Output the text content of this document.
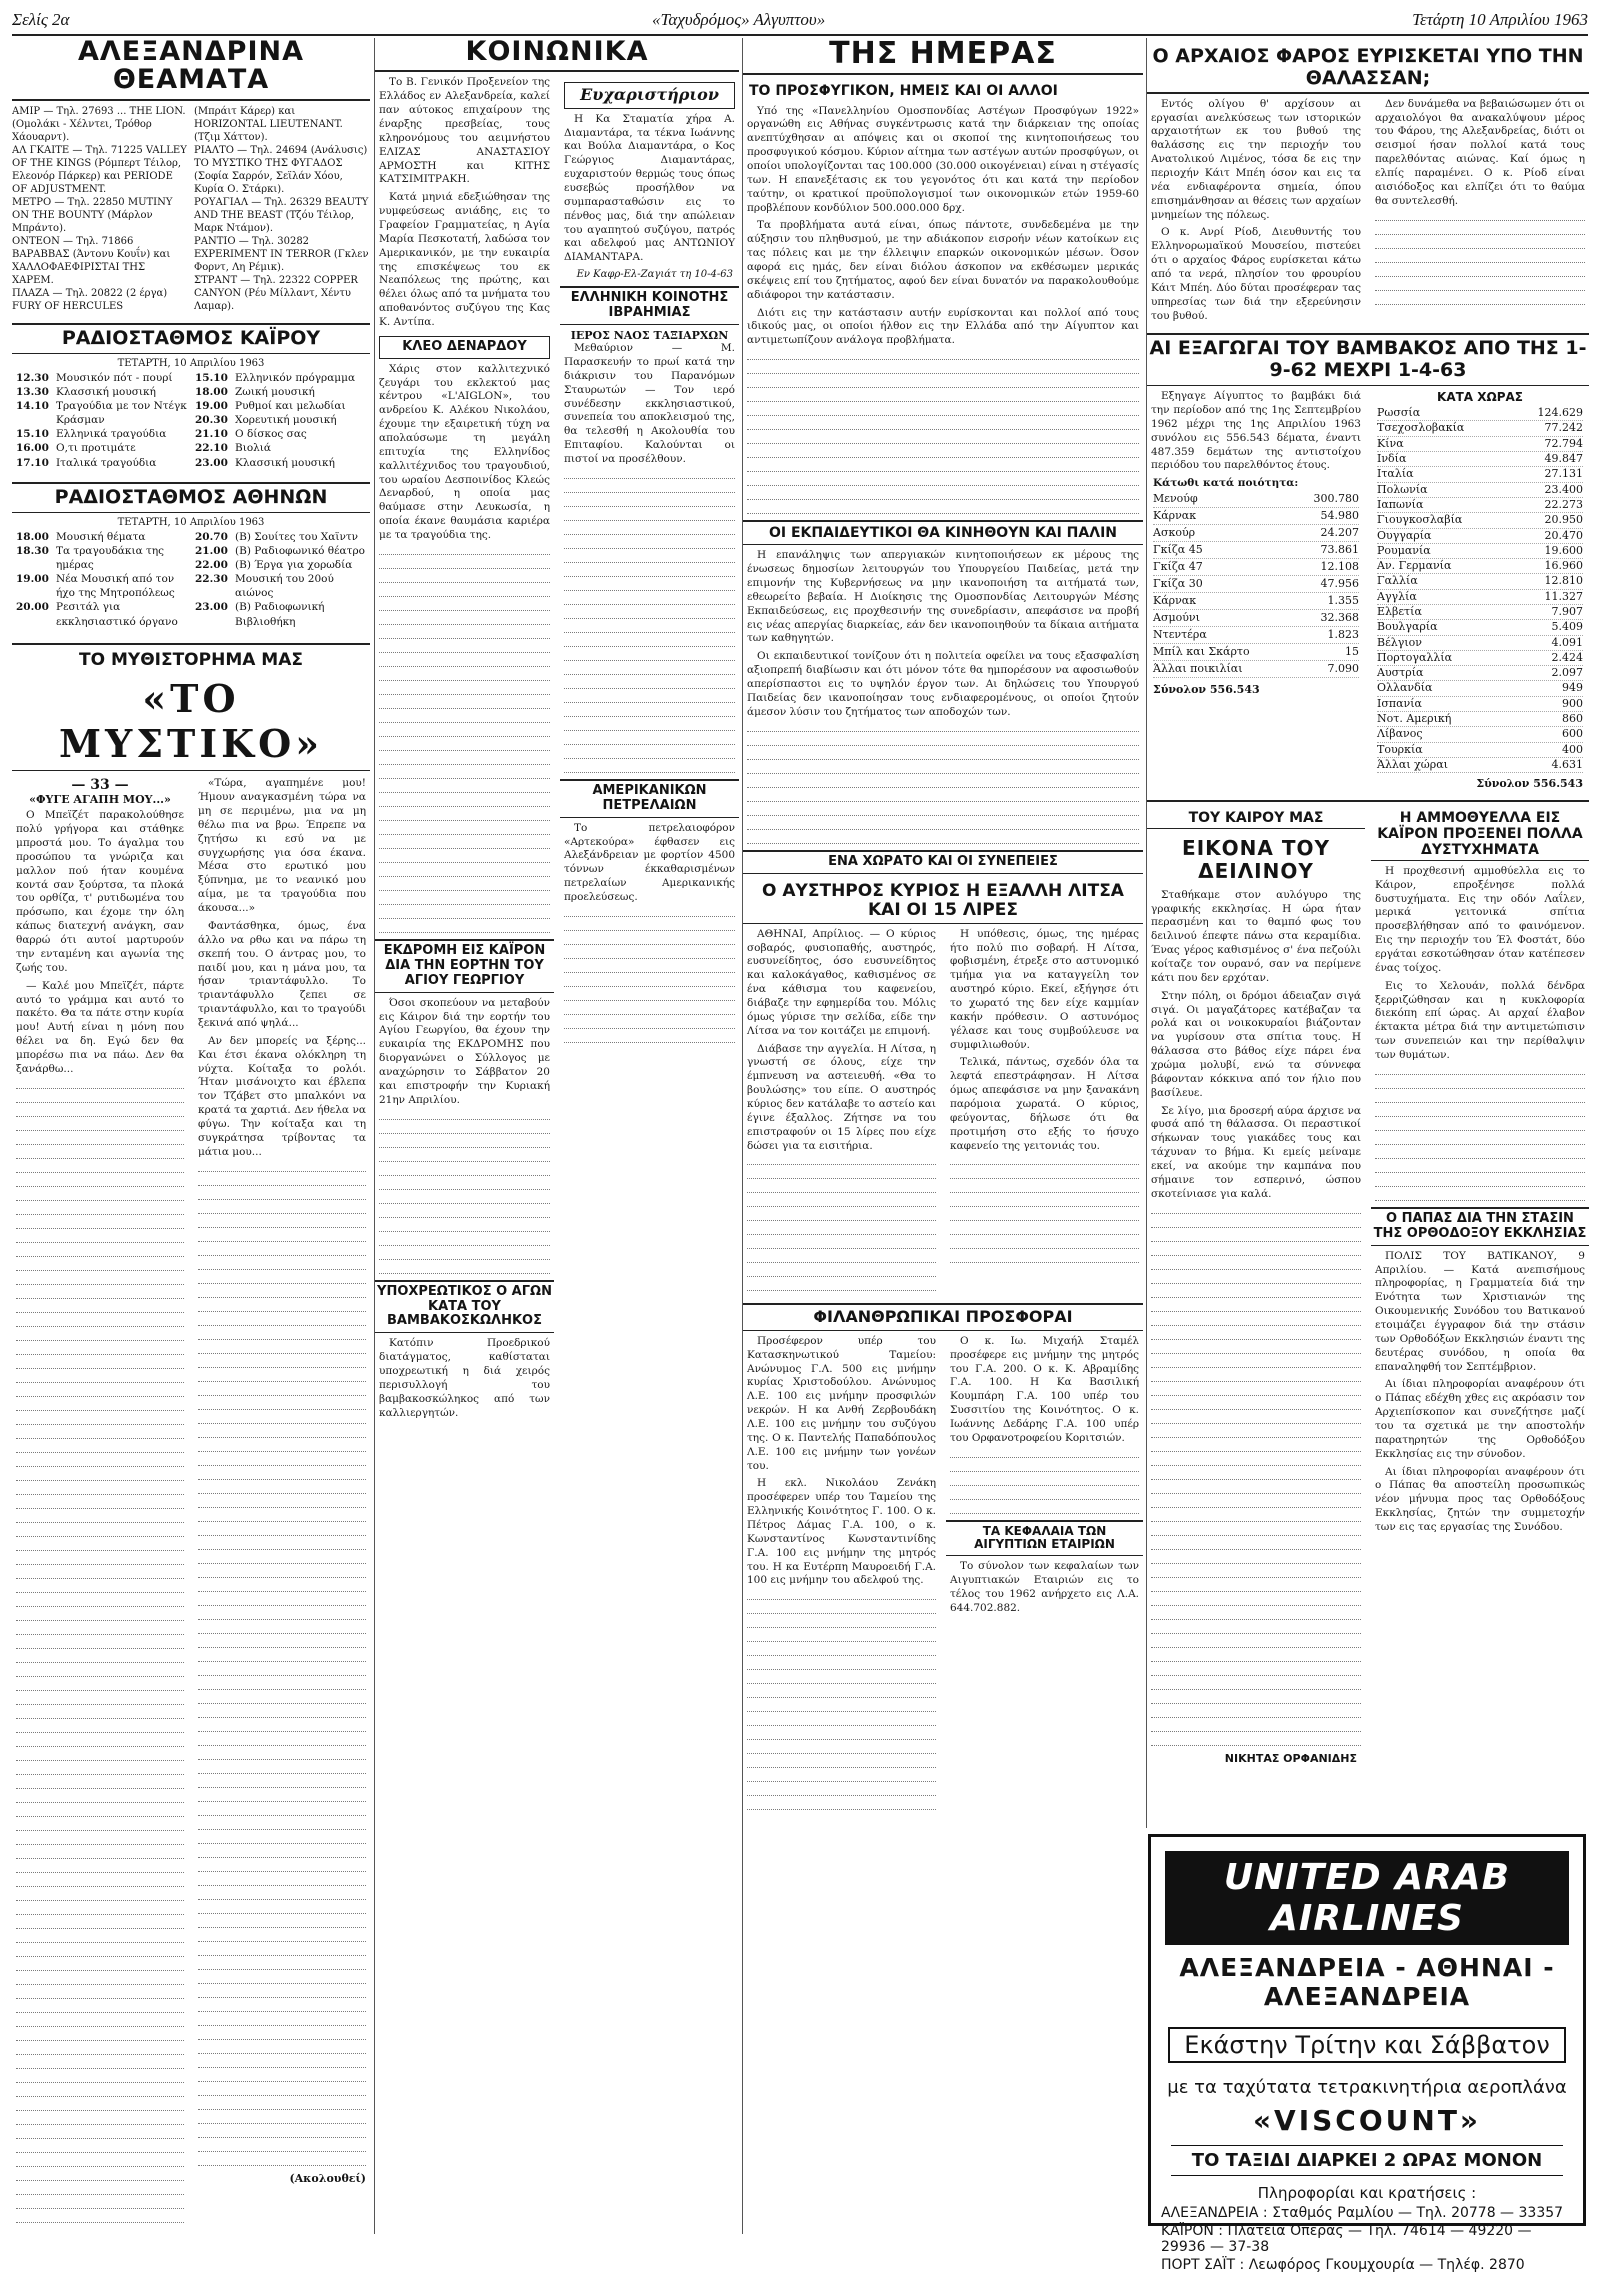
Σελίς 2α	«Ταχυδρόμος» Αλγυπτου»	Τετάρτη 10 Απριλίου 1963
ΑΛΕΞΑΝΔΡΙΝΑ ΘΕΑΜΑΤΑ
ΑΜΙΡ — Τηλ. 27693 ... THE LION. (Ομολάκι - Χέλντει, Τρόθορ Χάουαρντ).
ΑΛ ΓΚΑΙΤΕ — Τηλ. 71225 VALLEY OF THE KINGS (Ρόμπερτ Τέιλορ, Ελεονόρ Πάρκερ) και PERIODE OF ADJUSTMENT.
ΜΕΤΡΟ — Τηλ. 22850 MUTINY ON THE BOUNTY (Μάρλον Μπράντο).
ΟΝΤΕΟΝ — Τηλ. 71866 ΒΑΡΑΒΒΑΣ (Άντονυ Κουΐν) και ΧΑΛΛΟΦΑΕΦΙΡΙΣΤΑΙ ΤΗΣ ΧΑΡΕΜ.
ΠΛΑΖΑ — Τηλ. 20822 (2 έργα) FURY OF HERCULES
(Μπράιτ Κάρερ) και HORIZONTAL LIEUTENANT. (Τζιμ Χάττον).
ΡΙΑΛΤΟ — Τηλ. 24694 (Ανάλυσις) ΤΟ ΜΥΣΤΙΚΟ ΤΗΣ ΦΥΓΑΔΟΣ (Σοφία Σαρρόν, Σεϊλάν Χόου, Κυρία Ο. Στάρκι).
ΡΟΥΑΓΙΑΛ — Τηλ. 26329 BEAUTY AND THE BEAST (Τζόυ Τέιλορ, Μαρκ Ντάμον).
ΡΑΝΤΙΟ — Τηλ. 30282 EXPERIMENT IN TERROR (Γκλεν Φορντ, Λη Ρέμικ).
ΣΤΡΑΝΤ — Τηλ. 22322 COPPER CANYON (Ρέυ Μίλλαντ, Χέντυ Λαμαρ).
ΡΑΔΙΟΣΤΑΘΜΟΣ ΚΑΪΡΟΥ
ΤΕΤΑΡΤΗ, 10 Απριλίου 1963
12.30 Μουσικόν πότ - πουρί
13.30 Κλασσική μουσική
14.10 Τραγούδια με τον Ντέγκ Κράσμαν
15.10 Ελληνικά τραγούδια
16.00 Ο,τι προτιμάτε
17.10 Ιταλικά τραγούδια
15.10 Ελληνικόν πρόγραμμα
18.00 Ζωική μουσική
19.00 Ρυθμοί και μελωδίαι
20.30 Χορευτική μουσική
21.10 Ο δίσκος σας
22.10 Βιολιά
23.00 Κλασσική μουσική
ΡΑΔΙΟΣΤΑΘΜΟΣ ΑΘΗΝΩΝ
ΤΕΤΑΡΤΗ, 10 Απριλίου 1963
18.00 Μουσική θέματα
18.30 Τα τραγουδάκια της ημέρας
19.00 Νέα Μουσική από τον ήχο της Μητροπόλεως
20.00 Ρεσιτάλ για εκκλησιαστικό όργανο
20.70 (Β) Σουίτες του Χαϊντν
21.00 (Β) Ραδιοφωνικό θέατρο
22.00 (Β) Έργα για χορωδία
22.30 Μουσική του 20ού αιώνος
23.00 (Β) Ραδιοφωνική Βιβλιοθήκη
ΤΟ ΜΥΘΙΣΤΟΡΗΜΑ ΜΑΣ
«ΤΟ ΜΥΣΤΙΚΟ»
— 33 —
«ΦΥΓΕ ΑΓΑΠΗ ΜΟΥ...»

Ο Μπεϊζέτ παρακολούθησε πολύ γρήγορα και στάθηκε μπροστά μου. Το άγαλμα του προσώπου τα γνώριζα και μαλλον πού ήταν κουμένα κοντά σαν ξούρτσα, τα πλοκά του ορθίζα, τ' ρυτιδωμένα του πρόσωπο, και έχομε την όλη κάπως διατεχνή ανάγκη, σαν θαρρώ ότι αυτοί μαρτυρούν την ενταμένη και αγωνία της ζωής του.

— Καλέ μου Μπεϊζέτ, πάρτε αυτό το γράμμα και αυτό το πακέτο. Θα τα πάτε στην κυρία μου! Αυτή είναι η μόνη που θέλει να δη. Εγώ δεν θα μπορέσω πια να πάω. Δεν θα ξανάρθω...

«Τώρα, αγαπημένε μου! Ήμουν αναγκασμένη τώρα να μη σε περιμένω, μια να μη θέλω πια να βρω. Έπρεπε να ζητήσω κι εσύ να με συγχωρήσης για όσα έκανα. Μέσα στο ερωτικό μου ξύπνημα, με το νεανικό μου αίμα, με τα τραγούδια που άκουσα...»

Φαντάσθηκα, όμως, ένα άλλο να ρθω και να πάρω τη σκεπή του. Ο άντρας μου, το παιδί μου, και η μάνα μου, τα ήσαν τριαντάφυλλο. Το τριαντάφυλλο ζεπει σε τριαντάφυλλο, και το τραγούδι ξεκινά από ψηλά...

Αν δεν μπορείς να ξέρης... Και έτσι έκανα ολόκληρη τη νύχτα. Κοίταξα το ρολόι. Ήταν μισάνοιχτο και έβλεπα τον Τζάβετ στο μπαλκόνι να κρατά τα χαρτιά. Δεν ήθελα να φύγω. Την κοίταξα και τη συγκράτησα τρίβοντας τα μάτια μου...

(Ακολουθεί)
ΚΟΙΝΩΝΙΚΑ

Το Β. Γενικόν Προξενείον της Ελλάδος εν Αλεξανδρεία, καλεί παν αύτοκος επιχαίρουν της έναρξης πρεσβείας, τους κληρονόμους του αειμνήστου ΕΛΙΖΑΣ ΑΝΑΣΤΑΣΙΟΥ ΑΡΜΟΣΤΗ και ΚΙΤΗΣ ΚΑΤΣΙΜΙΤΡΑΚΗ.

Κατά μηνιά εδεξιώθησαν της νυμφεύσεως ανιάδης, εις το Γραφείον Γραμματείας, η Αγία Μαρία Πεσκοτατή, λαδώσα τον Αμερικανικόν, με την ευκαιρία της επισκέψεως του εκ Νεαπόλεως της πρώτης, και θέλει όλως από τα μνήματα του αποθανόντος συζύγου της Κας Κ. Αντίπα.

ΚΛΕΟ ΔΕΝΑΡΔΟΥ

Χάρις στον καλλιτεχνικό ζευγάρι του εκλεκτού μας κέντρου «L'AIGLON», του ανδρείου Κ. Αλέκου Νικολάου, έχουμε την εξαιρετική τύχη να απολαύσωμε τη μεγάλη επιτυχία της Ελληνίδος καλλιτέχνιδος του τραγουδιού, του ωραίου Δεσποινίδος Κλεώς Δεναρδού, η οποία μας θαύμασε στην Λευκωσία, η οποία έκανε θαυμάσια καριέρα με τα τραγούδια της.

ΕΚΔΡΟΜΗ ΕΙΣ ΚΑΪΡΟΝ ΔΙΑ ΤΗΝ ΕΟΡΤΗΝ ΤΟΥ ΑΓΙΟΥ ΓΕΩΡΓΙΟΥ

Όσοι σκοπεύουν να μεταβούν εις Κάιρον διά την εορτήν του Αγίου Γεωργίου, θα έχουν την ευκαιρία της ΕΚΔΡΟΜΗΣ που διοργανώνει ο Σύλλογος με αναχώρησιν το Σάββατον 20 και επιστροφήν την Κυριακή 21ην Απριλίου.

ΥΠΟΧΡΕΩΤΙΚΟΣ Ο ΑΓΩΝ ΚΑΤΑ ΤΟΥ ΒΑΜΒΑΚΟΣΚΩΛΗΚΟΣ

Κατόπιν Προεδρικού διατάγματος, καθίσταται υποχρεωτική η διά χειρός περισυλλογή του βαμβακοσκώληκος από των καλλιεργητών.

Ευχαριστήριον

Η Κα Σταματία χήρα Α. Διαμαντάρα, τα τέκνα Ιωάννης και Βούλα Διαμαντάρα, ο Κος Γεώργιος Διαμαντάρας, ευχαριστούν θερμώς τους όπως ευσεβώς προσήλθον να συμπαρασταθώσιν εις το πένθος μας, διά την απώλειαν του αγαπητού συζύγου, πατρός και αδελφού μας ΑΝΤΩΝΙΟΥ ΔΙΑΜΑΝΤΑΡΑ.

Εν Καφρ-Ελ-Ζαγιάτ τη 10-4-63
ΕΛΛΗΝΙΚΗ ΚΟΙΝΟΤΗΣ ΙΒΡΑΗΜΙΑΣ
ΙΕΡΟΣ ΝΑΟΣ ΤΑΞΙΑΡΧΩΝ

Μεθαύριον — Μ. Παρασκευήν το πρωί κατά την διάκρισιν του Παρανόμων Σταυρωτών — Τον ιερό συνέδεσην εκκλησιαστικού, συνεπεία του αποκλεισμού της, θα τελεσθή η Ακολουθία του Επιταφίου. Καλούνται οι πιστοί να προσέλθουν.

ΑΜΕΡΙΚΑΝΙΚΩΝ ΠΕΤΡΕΛΑΙΩΝ

Το πετρελαιοφόρον «Αρτεκούρα» έφθασεν εις Αλεξάνδρειαν με φορτίον 4500 τόννων έκκαθαρισμένων πετρελαίων Αμερικανικής προελεύσεως.

ΤΗΣ ΗΜΕΡΑΣ
ΤΟ ΠΡΟΣΦΥΓΙΚΟΝ, ΗΜΕΙΣ ΚΑΙ ΟΙ ΑΛΛΟΙ

Υπό της «Πανελληνίου Ομοσπονδίας Αστέγων Προσφύγων 1922» οργανώθη εις Αθήνας συγκέντρωσις κατά την διάρκειαν της οποίας ανεπτύχθησαν αι απόψεις και οι σκοποί της κινητοποιήσεως του προσφυγικού κόσμου. Κύριον αίτημα των αστέγων αυτών προσφύγων, οι οποίοι υπολογίζονται τας 100.000 (30.000 οικογένειαι) είναι η στέγασίς των. Η επανεξέτασις εκ του γεγονότος ότι και κατά την περίοδον ταύτην, οι κρατικοί προϋπολογισμοί των οικονομικών ετών 1959-60 προβλέπουν κονδύλιον 500.000.000 δρχ.

Τα προβλήματα αυτά είναι, όπως πάντοτε, συνδεδεμένα με την αύξησιν του πληθυσμού, με την αδιάκοπον εισροήν νέων κατοίκων εις τας πόλεις και με την έλλειψιν επαρκών οικονομικών μέσων. Όσον αφορά εις ημάς, δεν είναι διόλου άσκοπον να εκθέσωμεν μερικάς σκέψεις επί του ζητήματος, αφού δεν είναι δυνατόν να παρακολουθούμε αδιάφοροι την κατάστασιν.

Διότι εις την κατάστασιν αυτήν ευρίσκονται και πολλοί από τους ιδικούς μας, οι οποίοι ήλθον εις την Ελλάδα από την Αίγυπτον και αντιμετωπίζουν ανάλογα προβλήματα.

ΟΙ ΕΚΠΑΙΔΕΥΤΙΚΟΙ ΘΑ ΚΙΝΗΘΟΥΝ ΚΑΙ ΠΑΛΙΝ

Η επανάληψις των απεργιακών κινητοποιήσεων εκ μέρους της ένωσεως δημοσίων λειτουργών του Υπουργείου Παιδείας, μετά την επιμονήν της Κυβερνήσεως να μην ικανοποιήση τα αιτήματά των, εθεωρείτο βεβαία. Η Διοίκησις της Ομοσπονδίας Λειτουργών Μέσης Εκπαιδεύσεως, εις προχθεσινήν της συνεδρίασιν, απεφάσισε να προβή εις νέας απεργίας διαρκείας, εάν δεν ικανοποιηθούν τα δίκαια αιτήματα των καθηγητών.

Οι εκπαιδευτικοί τονίζουν ότι η πολιτεία οφείλει να τους εξασφαλίση αξιοπρεπή διαβίωσιν και ότι μόνον τότε θα ημπορέσουν να αφοσιωθούν απερίσπαστοι εις το υψηλόν έργον των. Αι δηλώσεις του Υπουργού Παιδείας δεν ικανοποίησαν τους ενδιαφερομένους, οι οποίοι ζητούν άμεσον λύσιν του ζητήματος των αποδοχών των.

ΕΝΑ ΧΩΡΑΤΟ ΚΑΙ ΟΙ ΣΥΝΕΠΕΙΕΣ
Ο ΑΥΣΤΗΡΟΣ ΚΥΡΙΟΣ Η ΕΞΑΛΛΗ ΛΙΤΣΑ ΚΑΙ ΟΙ 15 ΛΙΡΕΣ

ΑΘΗΝΑΙ, Απρίλιος. — Ο κύριος σοβαρός, φυσιοπαθής, αυστηρός, ευσυνείδητος, όσο ευσυνείδητος και καλοκάγαθος, καθισμένος σε ένα κάθισμα του καφενείου, διάβαζε την εφημερίδα του. Μόλις όμως γύρισε την σελίδα, είδε την Λίτσα να τον κοιτάζει με επιμονή.

Διάβασε την αγγελία. Η Λίτσα, η γνωστή σε όλους, είχε την έμπνευση να αστειευθή. «Θα το βουλώσης» του είπε. Ο αυστηρός κύριος δεν κατάλαβε το αστείο και έγινε έξαλλος. Ζήτησε να του επιστραφούν οι 15 λίρες που είχε δώσει για τα εισιτήρια.

Η υπόθεσις, όμως, της ημέρας ήτο πολύ πιο σοβαρή. Η Λίτσα, φοβισμένη, έτρεξε στο αστυνομικό τμήμα για να καταγγείλη τον αυστηρό κύριο. Εκεί, εξήγησε ότι το χωρατό της δεν είχε καμμίαν κακήν πρόθεσιν. Ο αστυνόμος γέλασε και τους συμβούλευσε να συμφιλιωθούν.

Τελικά, πάντως, σχεδόν όλα τα λεφτά επεστράφησαν. Η Λίτσα όμως απεφάσισε να μην ξανακάνη παρόμοια χωρατά. Ο κύριος, φεύγοντας, δήλωσε ότι θα προτιμήση στο εξής το ήσυχο καφενείο της γειτονιάς του.

ΦΙΛΑΝΘΡΩΠΙΚΑΙ ΠΡΟΣΦΟΡΑΙ

Προσέφερον υπέρ του Κατασκηνωτικού Ταμείου: Ανώνυμος Γ.Λ. 500 εις μνήμην κυρίας Χριστοδούλου. Ανώνυμος Λ.Ε. 100 εις μνήμην προσφιλών νεκρών. Η κα Ανθή Ζερβουδάκη Λ.Ε. 100 εις μνήμην του συζύγου της. Ο κ. Παντελής Παπαδόπουλος Λ.Ε. 100 εις μνήμην των γονέων του.

Η εκλ. Νικολάου Ζενάκη προσέφερεν υπέρ του Ταμείου της Ελληνικής Κοινότητος Γ. 100. Ο κ. Πέτρος Δάμας Γ.Α. 100, ο κ. Κωνσταντίνος Κωνσταντινίδης Γ.Α. 100 εις μνήμην της μητρός του. Η κα Ευτέρπη Μαυροειδή Γ.Α. 100 εις μνήμην του αδελφού της.

Ο κ. Ιω. Μιχαήλ Σταμέλ προσέφερε εις μνήμην της μητρός του Γ.Α. 200. Ο κ. Κ. Αβραμίδης Γ.Α. 100. Η Κα Βασιλική Κουμπάρη Γ.Α. 100 υπέρ του Συσσιτίου της Κοινότητος. Ο κ. Ιωάννης Δεδάρης Γ.Α. 100 υπέρ του Ορφανοτροφείου Κοριτσιών.

ΤΑ ΚΕΦΑΛΑΙΑ ΤΩΝ ΑΙΓΥΠΤΙΩΝ ΕΤΑΙΡΙΩΝ

Το σύνολον των κεφαλαίων των Αιγυπτιακών Εταιριών εις το τέλος του 1962 ανήρχετο εις Λ.Α. 644.702.882.

Ο ΑΡΧΑΙΟΣ ΦΑΡΟΣ ΕΥΡΙΣΚΕΤΑΙ ΥΠΟ ΤΗΝ ΘΑΛΑΣΣΑΝ;

Εντός ολίγου θ' αρχίσουν αι εργασίαι ανελκύσεως των ιστορικών αρχαιοτήτων εκ του βυθού της θαλάσσης εις την περιοχήν του Ανατολικού Λιμένος, τόσα δε εις την περιοχήν Κάιτ Μπέη όσον και εις τα νέα ενδιαφέροντα σημεία, όπου επισημάνθησαν αι θέσεις των αρχαίων μνημείων της πόλεως.

Ο κ. Ανρί Ρίοδ, Διευθυντής του Ελληνορωμαϊκού Μουσείου, πιστεύει ότι ο αρχαίος Φάρος ευρίσκεται κάτω από τα νερά, πλησίον του φρουρίου Κάιτ Μπέη. Δύο δύται προσέφεραν τας υπηρεσίας των διά την εξερεύνησιν του βυθού.

Δεν δυνάμεθα να βεβαιώσωμεν ότι οι αρχαιολόγοι θα ανακαλύψουν μέρος του Φάρου, της Αλεξανδρείας, διότι οι σεισμοί ήσαν πολλοί κατά τους παρελθόντας αιώνας. Καί όμως η ελπίς παραμένει. Ο κ. Ρίοδ είναι αισιόδοξος και ελπίζει ότι το θαύμα θα συντελεσθή.

ΑΙ ΕΞΑΓΩΓΑΙ ΤΟΥ ΒΑΜΒΑΚΟΣ ΑΠΟ ΤΗΣ 1-9-62 ΜΕΧΡΙ 1-4-63

Εξηγαγε Αίγυπτος το βαμβάκι διά την περίοδον από της 1ης Σεπτεμβρίου 1962 μέχρι της 1ης Απριλίου 1963 συνόλου εις 556.543 δέματα, έναντι 487.359 δεμάτων της αντιστοίχου περιόδου του παρελθόντος έτους.

Κάτωθι κατά ποιότητα:
Μενούφ	300.780
Κάρνακ	54.980
Ασκούρ	24.207
Γκίζα 45	73.861
Γκίζα 47	12.108
Γκίζα 30	47.956
Κάρνακ	1.355
Ασμούνι	32.368
Ντεντέρα	1.823
Μπίλ και Σκάρτο	15
Άλλαι ποικιλίαι	7.090
Σύνολον 556.543
ΚΑΤΑ ΧΩΡΑΣ
Ρωσσία	124.629
Τσεχοσλοβακία	77.242
Κίνα	72.794
Ινδία	49.847
Ιταλία	27.131
Πολωνία	23.400
Ιαπωνία	22.273
Γιουγκοσλαβία	20.950
Ουγγαρία	20.470
Ρουμανία	19.600
Αν. Γερμανία	16.960
Γαλλία	12.810
Αγγλία	11.327
Ελβετία	7.907
Βουλγαρία	5.409
Βέλγιον	4.091
Πορτογαλλία	2.424
Αυστρία	2.097
Ολλανδία	949
Ισπανία	900
Νοτ. Αμερική	860
Λίβανος	600
Τουρκία	400
Άλλαι χώραι	4.631
Σύνολον 556.543
ΤΟΥ ΚΑΙΡΟΥ ΜΑΣ
ΕΙΚΟΝΑ ΤΟΥ ΔΕΙΛΙΝΟΥ

Σταθήκαμε στον αυλόγυρο της γραφικής εκκλησίας. Η ώρα ήταν περασμένη και το θαμπό φως του δειλινού έπεφτε πάνω στα κεραμίδια. Ένας γέρος καθισμένος σ' ένα πεζούλι κοίταζε τον ουρανό, σαν να περίμενε κάτι που δεν ερχόταν.

Στην πόλη, οι δρόμοι άδειαζαν σιγά σιγά. Οι μαγαζάτορες κατέβαζαν τα ρολά και οι νοικοκυραίοι βιάζονταν να γυρίσουν στα σπίτια τους. Η θάλασσα στο βάθος είχε πάρει ένα χρώμα μολυβί, ενώ τα σύννεφα βάφονταν κόκκινα από τον ήλιο που βασίλευε.

Σε λίγο, μια δροσερή αύρα άρχισε να φυσά από τη θάλασσα. Οι περαστικοί σήκωναν τους γιακάδες τους και τάχυναν το βήμα. Κι εμείς μείναμε εκεί, να ακούμε την καμπάνα που σήμαινε τον εσπερινό, ώσπου σκοτείνιασε για καλά.

ΝΙΚΗΤΑΣ ΟΡΦΑΝΙΔΗΣ
Η ΑΜΜΟΘΥΕΛΛΑ ΕΙΣ ΚΑΪΡΟΝ ΠΡΟΞΕΝΕΙ ΠΟΛΛΑ ΔΥΣΤΥΧΗΜΑΤΑ

Η προχθεσινή αμμοθύελλα εις το Κάιρον, επροξένησε πολλά δυστυχήματα. Εις την οδόν Λαΐλεν, μερικά γειτονικά σπίτια προσεβλήθησαν από το φαινόμενον. Εις την περιοχήν του Έλ Φοστάτ, δύο εργάται εσκοτώθησαν όταν κατέπεσεν ένας τοίχος.

Εις το Χελουάν, πολλά δένδρα ξερριζώθησαν και η κυκλοφορία διεκόπη επί ώρας. Αι αρχαί έλαβον έκτακτα μέτρα διά την αντιμετώπισιν των συνεπειών και την περίθαλψιν των θυμάτων.

Ο ΠΑΠΑΣ ΔΙΑ ΤΗΝ ΣΤΑΣΙΝ ΤΗΣ ΟΡΘΟΔΟΞΟΥ ΕΚΚΛΗΣΙΑΣ

ΠΟΛΙΣ ΤΟΥ ΒΑΤΙΚΑΝΟΥ, 9 Απριλίου. — Κατά ανεπισήμους πληροφορίας, η Γραμματεία διά την Ενότητα των Χριστιανών της Οικουμενικής Συνόδου του Βατικανού ετοιμάζει έγγραφον διά την στάσιν των Ορθοδόξων Εκκλησιών έναντι της δευτέρας συνόδου, η οποία θα επαναληφθή τον Σεπτέμβριον.

Αι ίδιαι πληροφορίαι αναφέρουν ότι ο Πάπας εδέχθη χθες εις ακρόασιν τον Αρχιεπίσκοπον και συνεζήτησε μαζί του τα σχετικά με την αποστολήν παρατηρητών της Ορθοδόξου Εκκλησίας εις την σύνοδον.

Αι ίδιαι πληροφορίαι αναφέρουν ότι ο Πάπας θα αποστείλη προσωπικώς νέον μήνυμα προς τας Ορθοδόξους Εκκλησίας, ζητών την συμμετοχήν των εις τας εργασίας της Συνόδου.

UNITED ARAB AIRLINES
ΑΛΕΞΑΝΔΡΕΙΑ - ΑΘΗΝΑΙ - ΑΛΕΞΑΝΔΡΕΙΑ
Εκάστην Τρίτην και Σάββατον
με τα ταχύτατα τετρακινητήρια αεροπλάνα
«VISCOUNT»
ΤΟ ΤΑΞΙΔΙ ΔΙΑΡΚΕΙ 2 ΩΡΑΣ ΜΟΝΟΝ
Πληροφορίαι και κρατήσεις :
ΑΛΕΞΑΝΔΡΕΙΑ : Σταθμός Ραμλίου — Τηλ. 20778 — 33357
ΚΑΪΡΟΝ : Πλατεία Όπερας — Τηλ. 74614 — 49220 — 29936 — 37-38
ΠΟΡΤ ΣΑΪΤ : Λεωφόρος Γκουμχουρία — Τηλέφ. 2870
